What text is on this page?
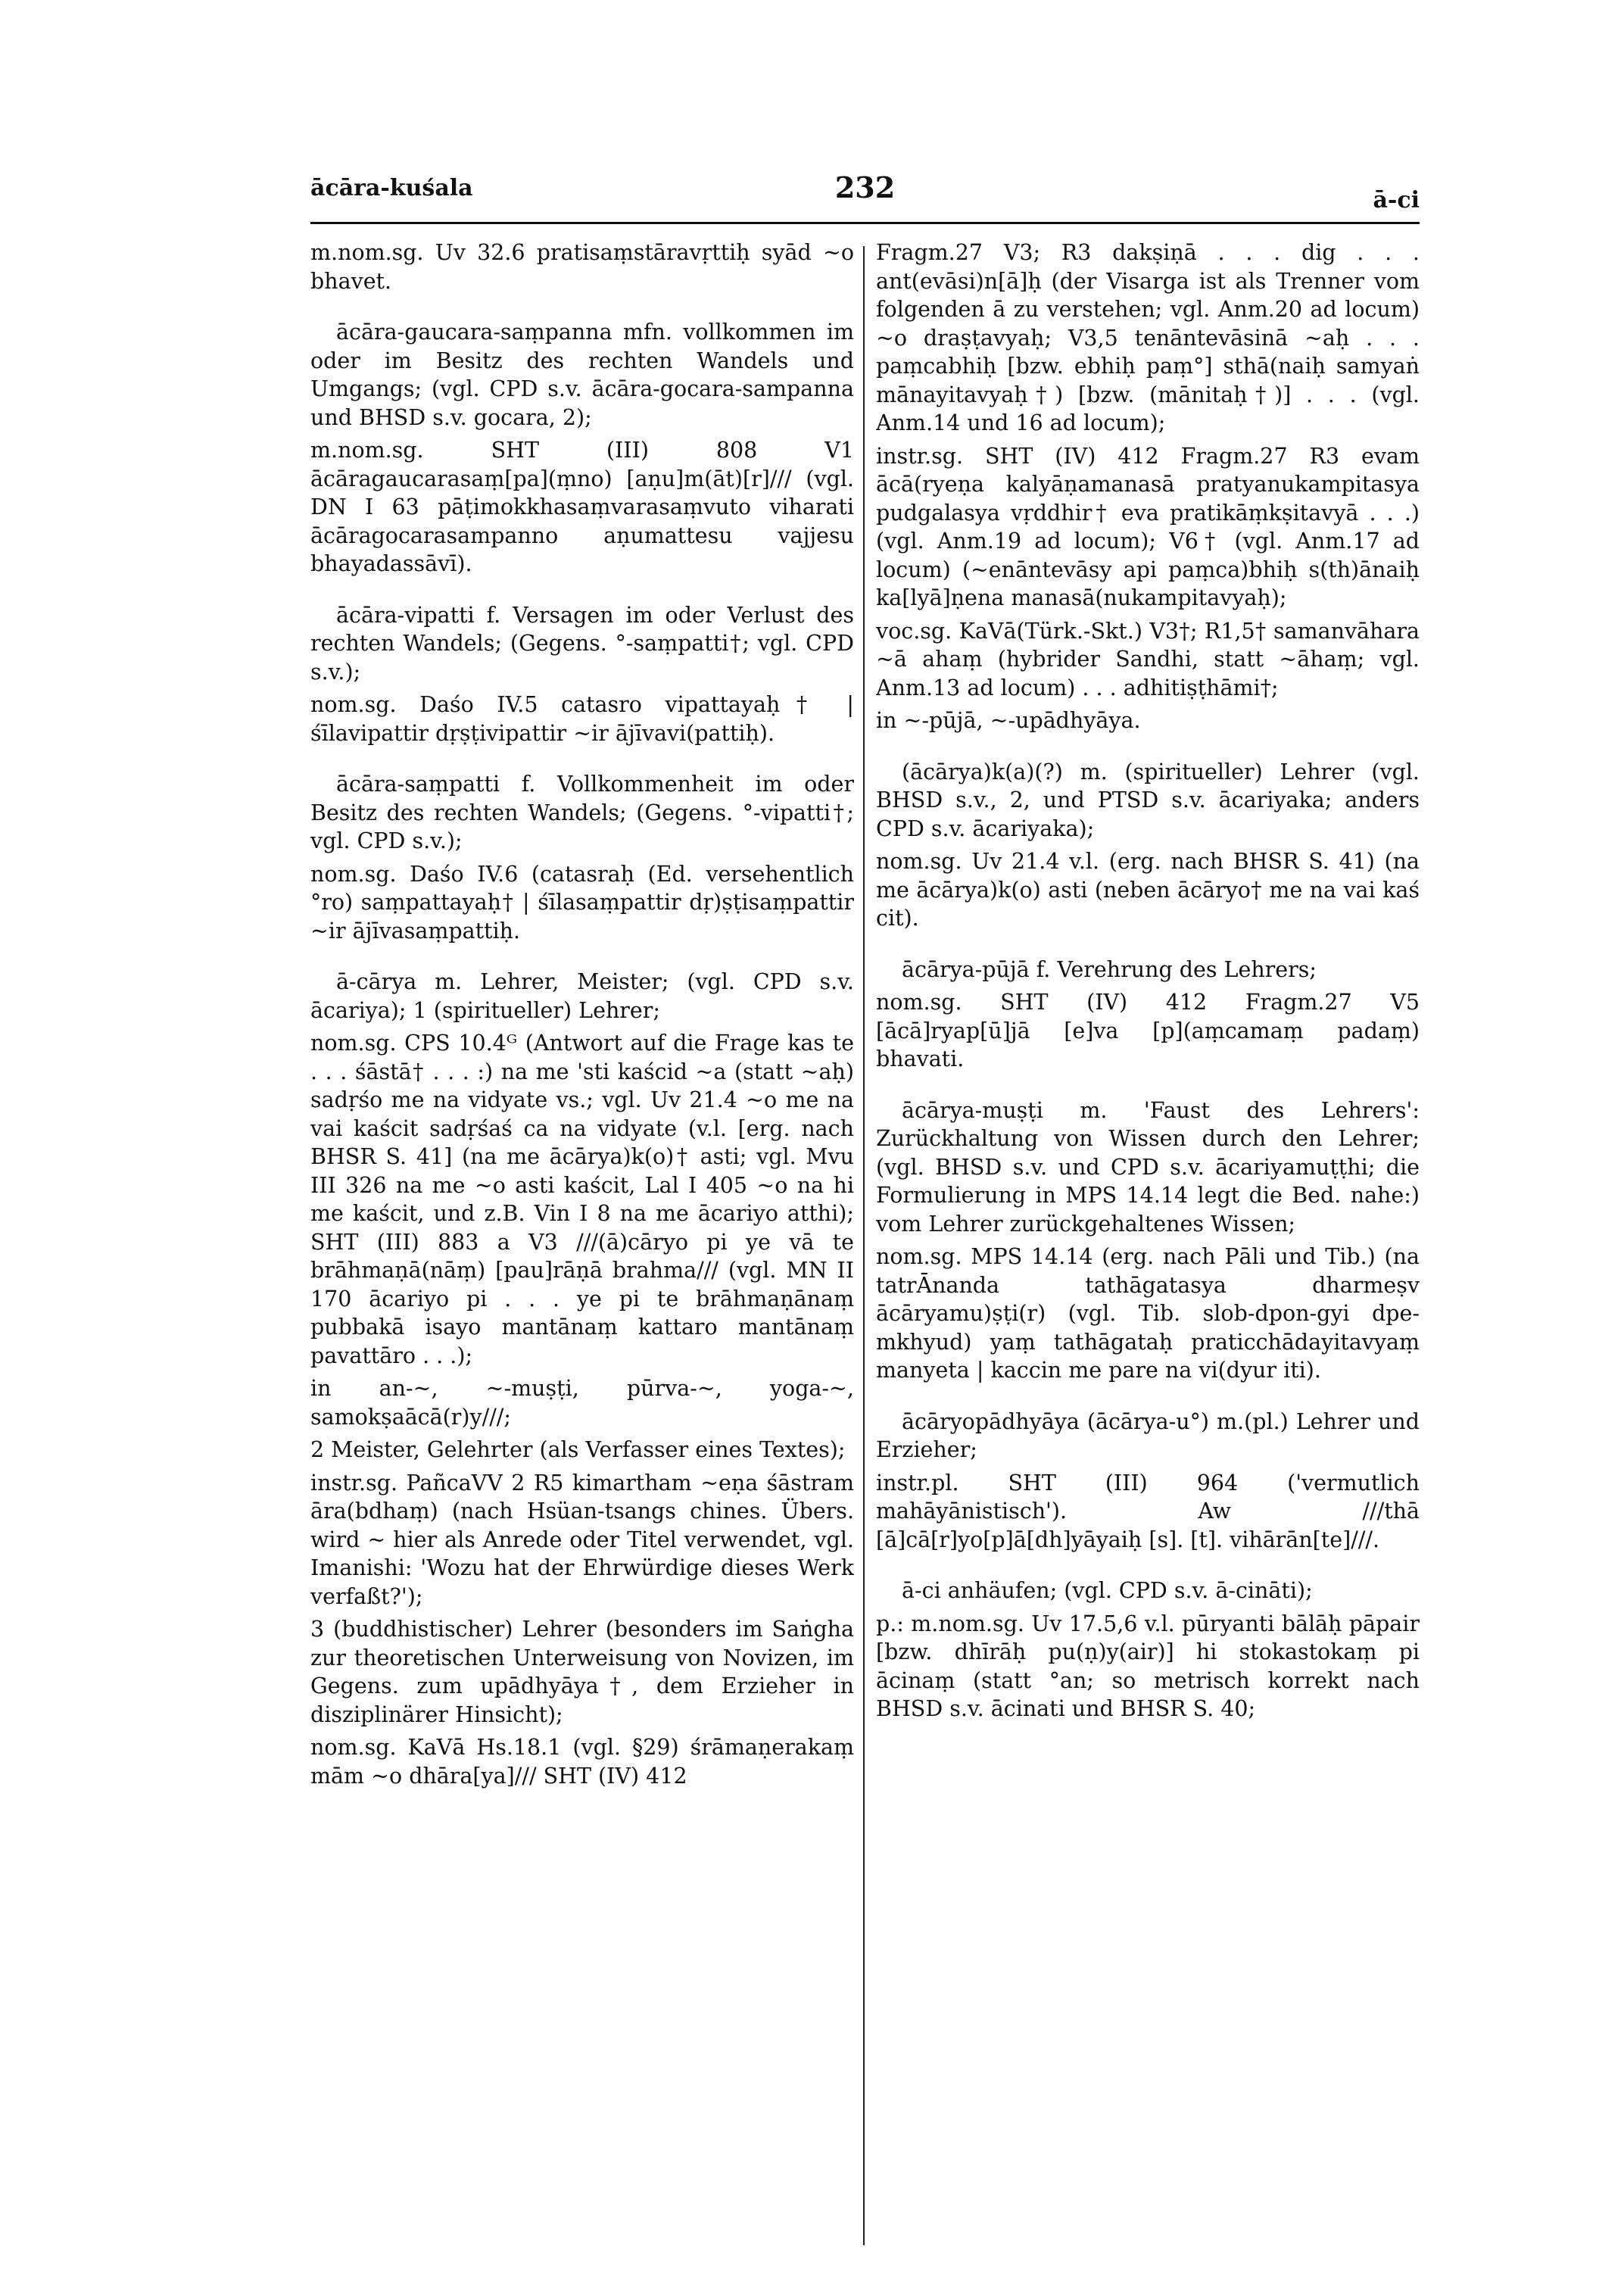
ācāra-kuśala	232	ā-ci

m.nom.sg. Uv 32.6 pratisaṃstāravṛttiḥ syād ~o bhavet.

ācāra-gaucara-saṃpanna mfn. vollkommen im oder im Besitz des rechten Wandels und Umgangs; (vgl. CPD s.v. ācāra-gocara-sampanna und BHSD s.v. gocara, 2);

m.nom.sg. SHT (III) 808 V1 ācāragaucarasaṃ[pa](ṃno) [aṇu]m(āt)[r]/// (vgl. DN I 63 pāṭimokkhasaṃvarasaṃvuto viharati ācāragocarasampanno aṇumattesu vajjesu bhayadassāvī).

ācāra-vipatti f. Versagen im oder Verlust des rechten Wandels; (Gegens. °-saṃpatti†; vgl. CPD s.v.);

nom.sg. Daśo IV.5 catasro vipattayaḥ† | śīlavipattir dṛṣṭivipattir ~ir ājīvavi(pattiḥ).

ācāra-saṃpatti f. Vollkommenheit im oder Besitz des rechten Wandels; (Gegens. °-vipatti†; vgl. CPD s.v.);

nom.sg. Daśo IV.6 (catasraḥ (Ed. versehentlich °ro) saṃpattayaḥ† | śīlasaṃpattir dṛ)ṣṭisaṃpattir ~ir ājīvasaṃpattiḥ.

ā-cārya m. Lehrer, Meister; (vgl. CPD s.v. ācariya); 1 (spiritueller) Lehrer;

nom.sg. CPS 10.4ᴳ (Antwort auf die Frage kas te . . . śāstā† . . . :) na me 'sti kaścid ~a (statt ~aḥ) sadṛśo me na vidyate vs.; vgl. Uv 21.4 ~o me na vai kaścit sadṛśaś ca na vidyate (v.l. [erg. nach BHSR S. 41] (na me ācārya)k(o)† asti; vgl. Mvu III 326 na me ~o asti kaścit, Lal I 405 ~o na hi me kaścit, und z.B. Vin I 8 na me ācariyo atthi); SHT (III) 883 a V3 ///(ā)cāryo pi ye vā te brāhmaṇā(nāṃ) [pau]rāṇā brahma/// (vgl. MN II 170 ācariyo pi . . . ye pi te brāhmaṇānaṃ pubbakā isayo mantānaṃ kattaro mantānaṃ pavattāro . . .);

in an-~, ~-muṣṭi, pūrva-~, yoga-~, samokṣaācā(r)y///;

2 Meister, Gelehrter (als Verfasser eines Textes);

instr.sg. PañcaVV 2 R5 kimartham ~eṇa śāstram āra(bdhaṃ) (nach Hsüan-tsangs chines. Übers. wird ~ hier als Anrede oder Titel verwendet, vgl. Imanishi: 'Wozu hat der Ehrwürdige dieses Werk verfaßt?');

3 (buddhistischer) Lehrer (besonders im Saṅgha zur theoretischen Unterweisung von Novizen, im Gegens. zum upādhyāya†, dem Erzieher in disziplinärer Hinsicht);

nom.sg. KaVā Hs.18.1 (vgl. §29) śrāmaṇerakaṃ mām ~o dhāra[ya]/// SHT (IV) 412

Fragm.27 V3; R3 dakṣiṇā . . . dig . . . ant(evāsi)n[ā]ḥ (der Visarga ist als Trenner vom folgenden ā zu verstehen; vgl. Anm.20 ad locum) ~o draṣṭavyaḥ; V3,5 tenāntevāsinā ~aḥ . . . paṃcabhiḥ [bzw. ebhiḥ paṃ°] sthā(naiḥ samyaṅ mānayitavyaḥ†) [bzw. (mānitaḥ†)] . . . (vgl. Anm.14 und 16 ad locum);

instr.sg. SHT (IV) 412 Fragm.27 R3 evam ācā(ryeṇa kalyāṇamanasā pratyanukampitasya pudgalasya vṛddhir† eva pratikāṃkṣitavyā . . .) (vgl. Anm.19 ad locum); V6† (vgl. Anm.17 ad locum) (~enāntevāsy api paṃca)bhiḥ s(th)ānaiḥ ka[lyā]ṇena manasā(nukampitavyaḥ);

voc.sg. KaVā(Türk.-Skt.) V3†; R1,5† samanvāhara ~ā ahaṃ (hybrider Sandhi, statt ~āhaṃ; vgl. Anm.13 ad locum) . . . adhitiṣṭhāmi†;

in ~-pūjā, ~-upādhyāya.

(ācārya)k(a)(?) m. (spiritueller) Lehrer (vgl. BHSD s.v., 2, und PTSD s.v. ācariyaka; anders CPD s.v. ācariyaka);

nom.sg. Uv 21.4 v.l. (erg. nach BHSR S. 41) (na me ācārya)k(o) asti (neben ācāryo† me na vai kaś cit).

ācārya-pūjā f. Verehrung des Lehrers;

nom.sg. SHT (IV) 412 Fragm.27 V5 [ācā]ryap[ū]jā [e]va [p](aṃcamaṃ padaṃ) bhavati.

ācārya-muṣṭi m. 'Faust des Lehrers': Zurückhaltung von Wissen durch den Lehrer; (vgl. BHSD s.v. und CPD s.v. ācariyamuṭṭhi; die Formulierung in MPS 14.14 legt die Bed. nahe:) vom Lehrer zurückgehaltenes Wissen;

nom.sg. MPS 14.14 (erg. nach Pāli und Tib.) (na tatrĀnanda tathāgatasya dharmeṣv ācāryamu)ṣṭi(r) (vgl. Tib. slob-dpon-gyi dpe-mkhyud) yaṃ tathāgataḥ praticchādayitavyaṃ manyeta | kaccin me pare na vi(dyur iti).

ācāryopādhyāya (ācārya-u°) m.(pl.) Lehrer und Erzieher;

instr.pl. SHT (III) 964 ('vermutlich mahāyānistisch'). Aw ///thā [ā]cā[r]yo[p]ā[dh]yāyaiḥ [s]. [t]. vihārān[te]///.

ā-ci anhäufen; (vgl. CPD s.v. ā-cināti);

p.: m.nom.sg. Uv 17.5,6 v.l. pūryanti bālāḥ pāpair [bzw. dhīrāḥ pu(ṇ)y(air)] hi stokastokaṃ pi ācinaṃ (statt °an; so metrisch korrekt nach BHSD s.v. ācinati und BHSR S. 40;
